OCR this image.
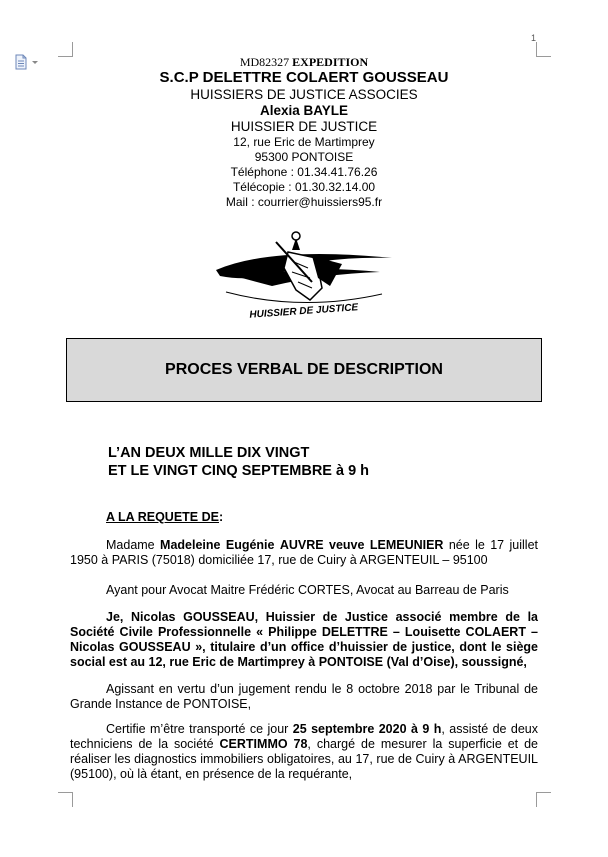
1
MD82327 EXPEDITION
S.C.P DELETTRE COLAERT GOUSSEAU
HUISSIERS DE JUSTICE ASSOCIES
Alexia BAYLE
HUISSIER DE JUSTICE
12, rue Eric de Martimprey
95300 PONTOISE
Téléphone : 01.34.41.76.26
Télécopie : 01.30.32.14.00
Mail : courrier@huissiers95.fr
HUISSIER DE JUSTICE
PROCES VERBAL DE DESCRIPTION
L’AN DEUX MILLE DIX VINGT
ET LE VINGT CINQ SEPTEMBRE à 9 h
A LA REQUETE DE:
Madame Madeleine Eugénie AUVRE veuve LEMEUNIER née le 17 juillet 1950 à PARIS (75018) domiciliée 17, rue de Cuiry à ARGENTEUIL – 95100
Ayant pour Avocat Maitre Frédéric CORTES, Avocat au Barreau de Paris
Je, Nicolas GOUSSEAU, Huissier de Justice associé membre de la Société Civile Professionnelle « Philippe DELETTRE – Louisette COLAERT – Nicolas GOUSSEAU », titulaire d’un office d’huissier de justice, dont le siège social est au 12, rue Eric de Martimprey à PONTOISE (Val d’Oise), soussigné,
Agissant en vertu d’un jugement rendu le 8 octobre 2018 par le Tribunal de Grande Instance de PONTOISE,
Certifie m’être transporté ce jour 25 septembre 2020 à 9 h, assisté de deux techniciens de la société CERTIMMO 78, chargé de mesurer la superficie et de réaliser les diagnostics immobiliers obligatoires, au 17, rue de Cuiry à ARGENTEUIL (95100), où là étant, en présence de la requérante,
